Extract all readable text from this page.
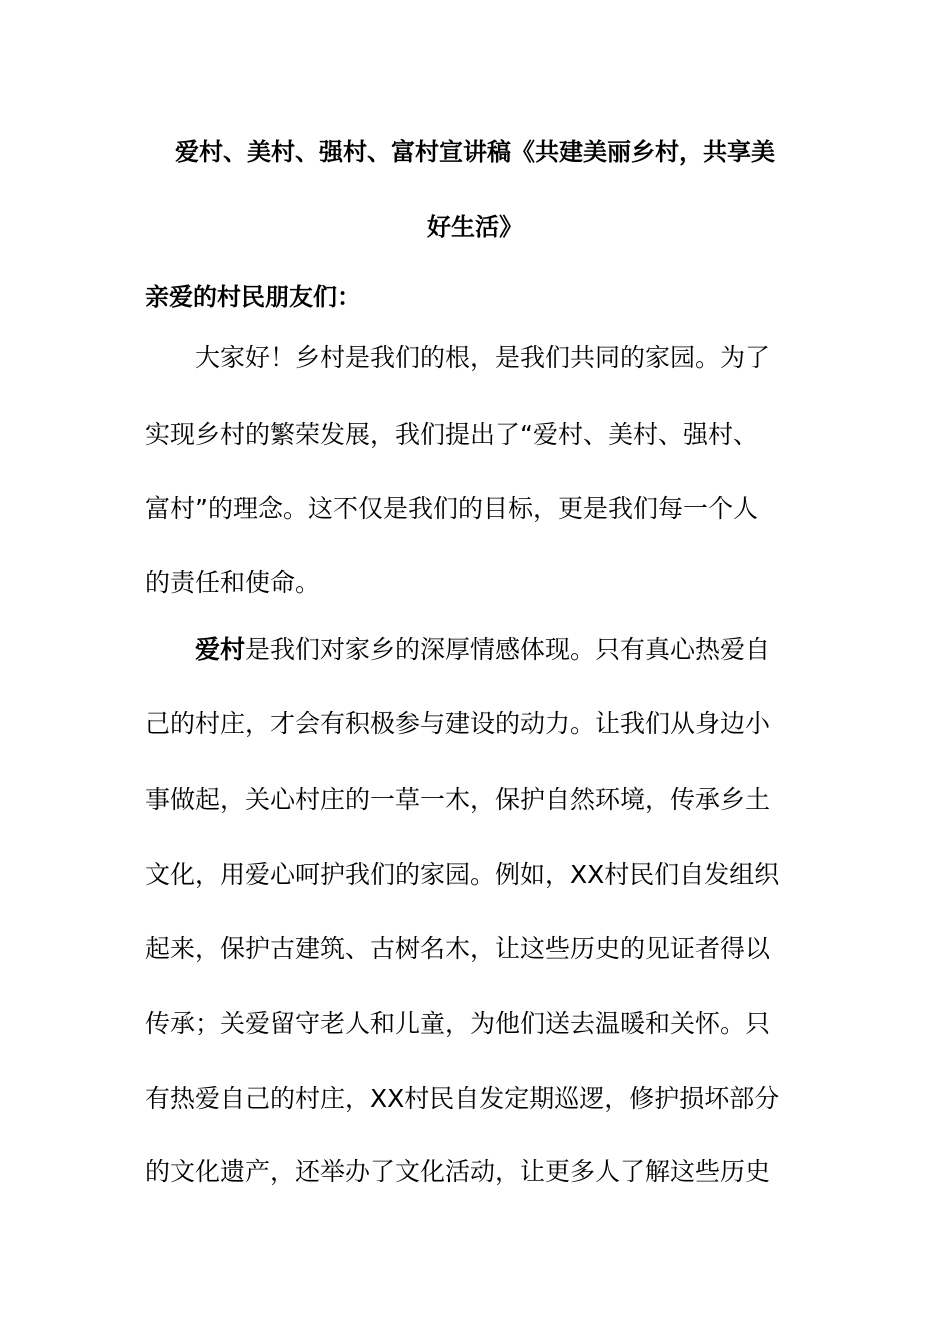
爱村、美村、强村、富村宣讲稿《共建美丽乡村，共享美
好生活》
亲爱的村民朋友们：
大家好！乡村是我们的根，是我们共同的家园。为了
实现乡村的繁荣发展，我们提出了“爱村、美村、强村、
富村”的理念。这不仅是我们的目标，更是我们每一个人
的责任和使命。
爱村是我们对家乡的深厚情感体现。只有真心热爱自
己的村庄，才会有积极参与建设的动力。让我们从身边小
事做起，关心村庄的一草一木，保护自然环境，传承乡土
文化，用爱心呵护我们的家园。例如，XX村民们自发组织
起来，保护古建筑、古树名木，让这些历史的见证者得以
传承；关爱留守老人和儿童，为他们送去温暖和关怀。只
有热爱自己的村庄，XX村民自发定期巡逻，修护损坏部分
的文化遗产，还举办了文化活动，让更多人了解这些历史
